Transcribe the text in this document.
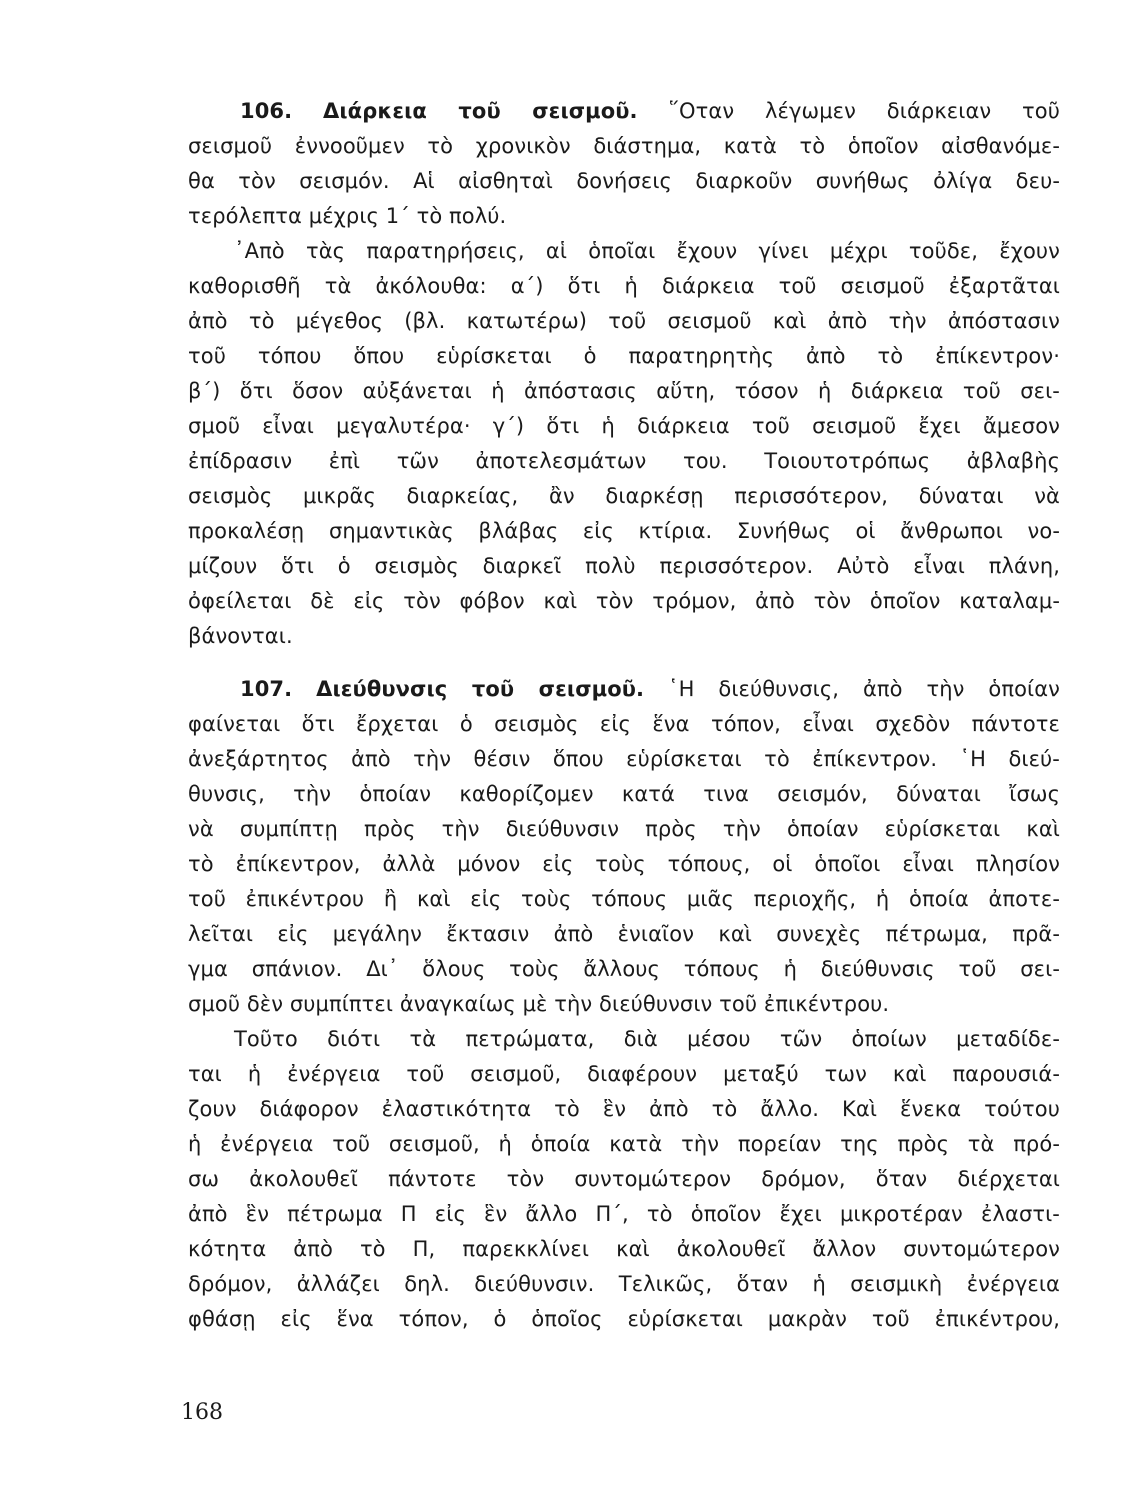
106. Διάρκεια τοῦ σεισμοῦ. ῞Οταν λέγωμεν διάρκειαν τοῦ
σεισμοῦ ἐννοοῦμεν τὸ χρονικὸν διάστημα, κατὰ τὸ ὁποῖον αἰσθανόμε-
θα τὸν σεισμόν. Αἱ αἰσθηταὶ δονήσεις διαρκοῦν συνήθως ὀλίγα δευ-
τερόλεπτα μέχρις 1΄ τὸ πολύ.
᾿Απὸ τὰς παρατηρήσεις, αἱ ὁποῖαι ἔχουν γίνει μέχρι τοῦδε, ἔχουν
καθορισθῆ τὰ ἀκόλουθα: α΄) ὅτι ἡ διάρκεια τοῦ σεισμοῦ ἐξαρτᾶται
ἀπὸ τὸ μέγεθος (βλ. κατωτέρω) τοῦ σεισμοῦ καὶ ἀπὸ τὴν ἀπόστασιν
τοῦ τόπου ὅπου εὑρίσκεται ὁ παρατηρητὴς ἀπὸ τὸ ἐπίκεντρον·
β΄) ὅτι ὅσον αὐξάνεται ἡ ἀπόστασις αὕτη, τόσον ἡ διάρκεια τοῦ σει-
σμοῦ εἶναι μεγαλυτέρα· γ΄) ὅτι ἡ διάρκεια τοῦ σεισμοῦ ἔχει ἄμεσον
ἐπίδρασιν ἐπὶ τῶν ἀποτελεσμάτων του. Τοιουτοτρόπως ἀβλαβὴς
σεισμὸς μικρᾶς διαρκείας, ἂν διαρκέσῃ περισσότερον, δύναται νὰ
προκαλέσῃ σημαντικὰς βλάβας εἰς κτίρια. Συνήθως οἱ ἄνθρωποι νο-
μίζουν ὅτι ὁ σεισμὸς διαρκεῖ πολὺ περισσότερον. Αὐτὸ εἶναι πλάνη,
ὀφείλεται δὲ εἰς τὸν φόβον καὶ τὸν τρόμον, ἀπὸ τὸν ὁποῖον καταλαμ-
βάνονται.
107. Διεύθυνσις τοῦ σεισμοῦ. ῾Η διεύθυνσις, ἀπὸ τὴν ὁποίαν
φαίνεται ὅτι ἔρχεται ὁ σεισμὸς εἰς ἕνα τόπον, εἶναι σχεδὸν πάντοτε
ἀνεξάρτητος ἀπὸ τὴν θέσιν ὅπου εὑρίσκεται τὸ ἐπίκεντρον. ῾Η διεύ-
θυνσις, τὴν ὁποίαν καθορίζομεν κατά τινα σεισμόν, δύναται ἴσως
νὰ συμπίπτῃ πρὸς τὴν διεύθυνσιν πρὸς τὴν ὁποίαν εὑρίσκεται καὶ
τὸ ἐπίκεντρον, ἀλλὰ μόνον εἰς τοὺς τόπους, οἱ ὁποῖοι εἶναι πλησίον
τοῦ ἐπικέντρου ἢ καὶ εἰς τοὺς τόπους μιᾶς περιοχῆς, ἡ ὁποία ἀποτε-
λεῖται εἰς μεγάλην ἔκτασιν ἀπὸ ἑνιαῖον καὶ συνεχὲς πέτρωμα, πρᾶ-
γμα σπάνιον. Δι᾿ ὅλους τοὺς ἄλλους τόπους ἡ διεύθυνσις τοῦ σει-
σμοῦ δὲν συμπίπτει ἀναγκαίως μὲ τὴν διεύθυνσιν τοῦ ἐπικέντρου.
Τοῦτο διότι τὰ πετρώματα, διὰ μέσου τῶν ὁποίων μεταδίδε-
ται ἡ ἐνέργεια τοῦ σεισμοῦ, διαφέρουν μεταξύ των καὶ παρουσιά-
ζουν διάφορον ἐλαστικότητα τὸ ἓν ἀπὸ τὸ ἄλλο. Καὶ ἕνεκα τούτου
ἡ ἐνέργεια τοῦ σεισμοῦ, ἡ ὁποία κατὰ τὴν πορείαν της πρὸς τὰ πρό-
σω ἀκολουθεῖ πάντοτε τὸν συντομώτερον δρόμον, ὅταν διέρχεται
ἀπὸ ἓν πέτρωμα Π εἰς ἓν ἄλλο Π΄, τὸ ὁποῖον ἔχει μικροτέραν ἐλαστι-
κότητα ἀπὸ τὸ Π, παρεκκλίνει καὶ ἀκολουθεῖ ἄλλον συντομώτερον
δρόμον, ἀλλάζει δηλ. διεύθυνσιν. Τελικῶς, ὅταν ἡ σεισμικὴ ἐνέργεια
φθάσῃ εἰς ἕνα τόπον, ὁ ὁποῖος εὑρίσκεται μακρὰν τοῦ ἐπικέντρου,
168
